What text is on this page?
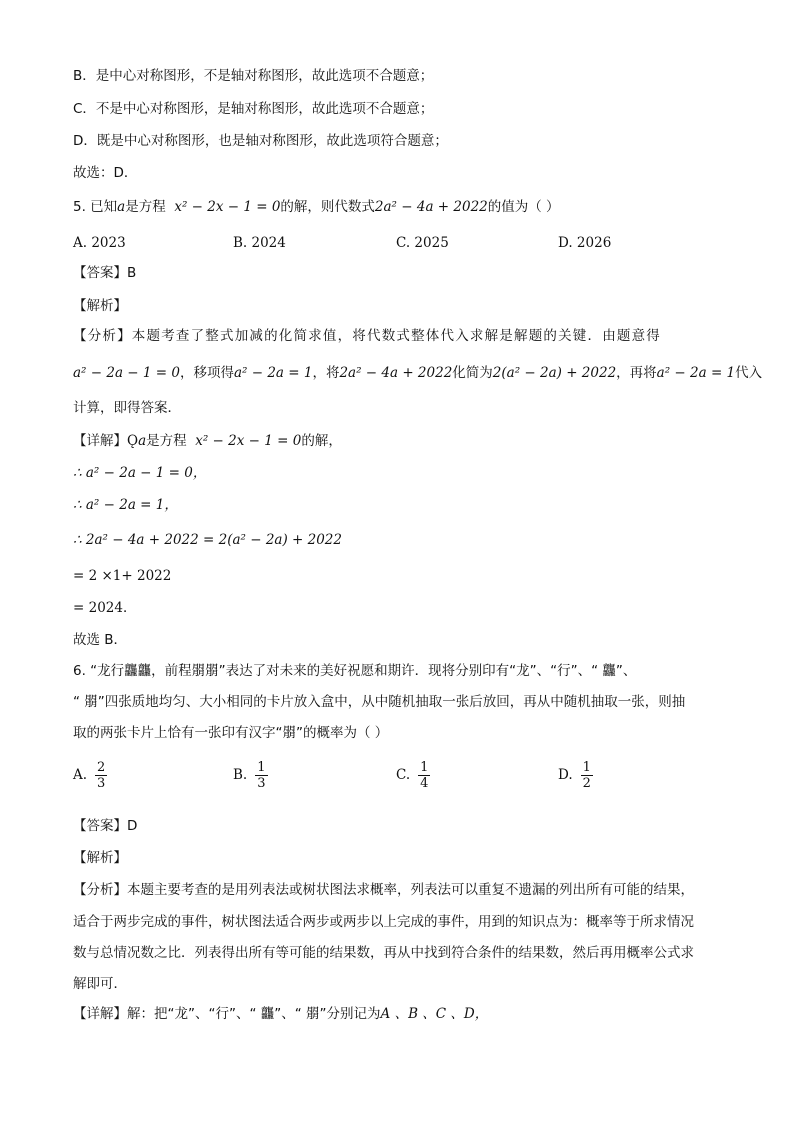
B．是中心对称图形，不是轴对称图形，故此选项不合题意；
C．不是中心对称图形，是轴对称图形，故此选项不合题意；
D．既是中心对称图形，也是轴对称图形，故此选项符合题意；
故选：D．
5. 已知a是方程 x² − 2x − 1 = 0的解，则代数式2a² − 4a + 2022的值为（ ）
A. 2023	B. 2024	C. 2025	D. 2026
【答案】B
【解析】
【分析】本题考查了整式加减的化简求值，将代数式整体代入求解是解题的关键．由题意得
a² − 2a − 1 = 0，移项得a² − 2a = 1，将2a² − 4a + 2022化简为2(a² − 2a) + 2022，再将a² − 2a = 1代入
计算，即得答案．
【详解】Ǫa是方程 x² − 2x − 1 = 0的解，
∴ a² − 2a − 1 = 0，
∴ a² − 2a = 1，
∴ 2a² − 4a + 2022 = 2(a² − 2a) + 2022
= 2 ×1+ 2022
= 2024．
故选 B．
6. “龙行龘龘，前程朤朤”表达了对未来的美好祝愿和期许．现将分别印有“龙”、“行”、“ 龘”、
“ 朤”四张质地均匀、大小相同的卡片放入盒中，从中随机抽取一张后放回，再从中随机抽取一张，则抽
取的两张卡片上恰有一张印有汉字“朤”的概率为（ ）
A. $\frac{2}{3}$	B. $\frac{1}{3}$	C. $\frac{1}{4}$	D. $\frac{1}{2}$
【答案】D
【解析】
【分析】本题主要考查的是用列表法或树状图法求概率，列表法可以重复不遗漏的列出所有可能的结果，
适合于两步完成的事件，树状图法适合两步或两步以上完成的事件，用到的知识点为：概率等于所求情况
数与总情况数之比．列表得出所有等可能的结果数，再从中找到符合条件的结果数，然后再用概率公式求
解即可．
【详解】解：把“龙”、“行”、“ 龘”、“ 朤”分别记为A 、B 、C 、D，
